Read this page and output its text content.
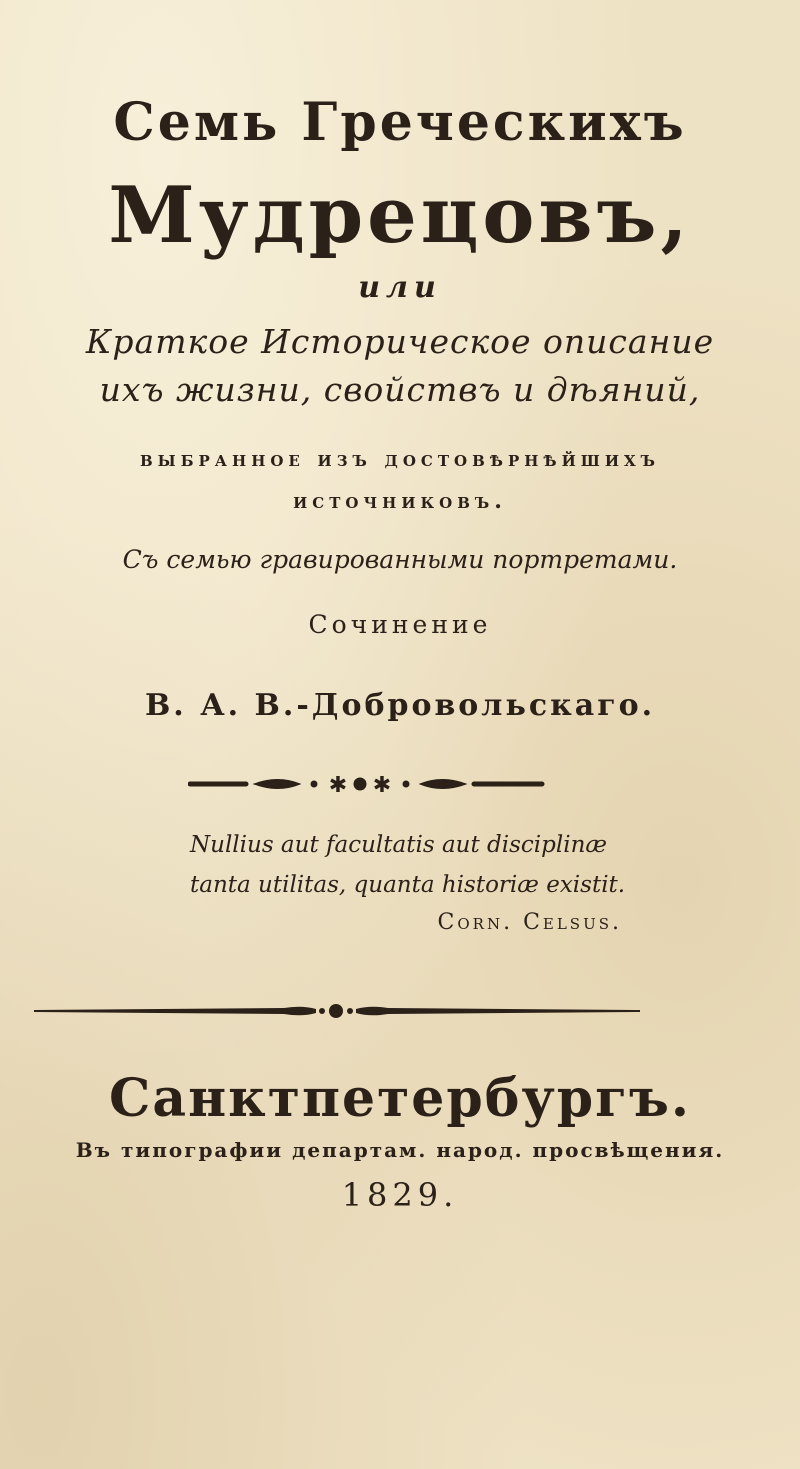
Семь Греческихъ
Мудрецовъ,
или
Краткое Историческое описание
ихъ жизни, свойствъ и дѣяний,
выбранное изъ достовѣрнѣйшихъ
источниковъ.
Съ семью гравированными портретами.
Сочинение
В. А. В.-Добровольскаго.
✱ ✱
Nullius aut facultatis aut disciplinæ
tanta utilitas, quanta historiæ existit.
Corn. Celsus.
Санктпетербургъ.
Въ типографии департам. народ. просвѣщения.
1829.
